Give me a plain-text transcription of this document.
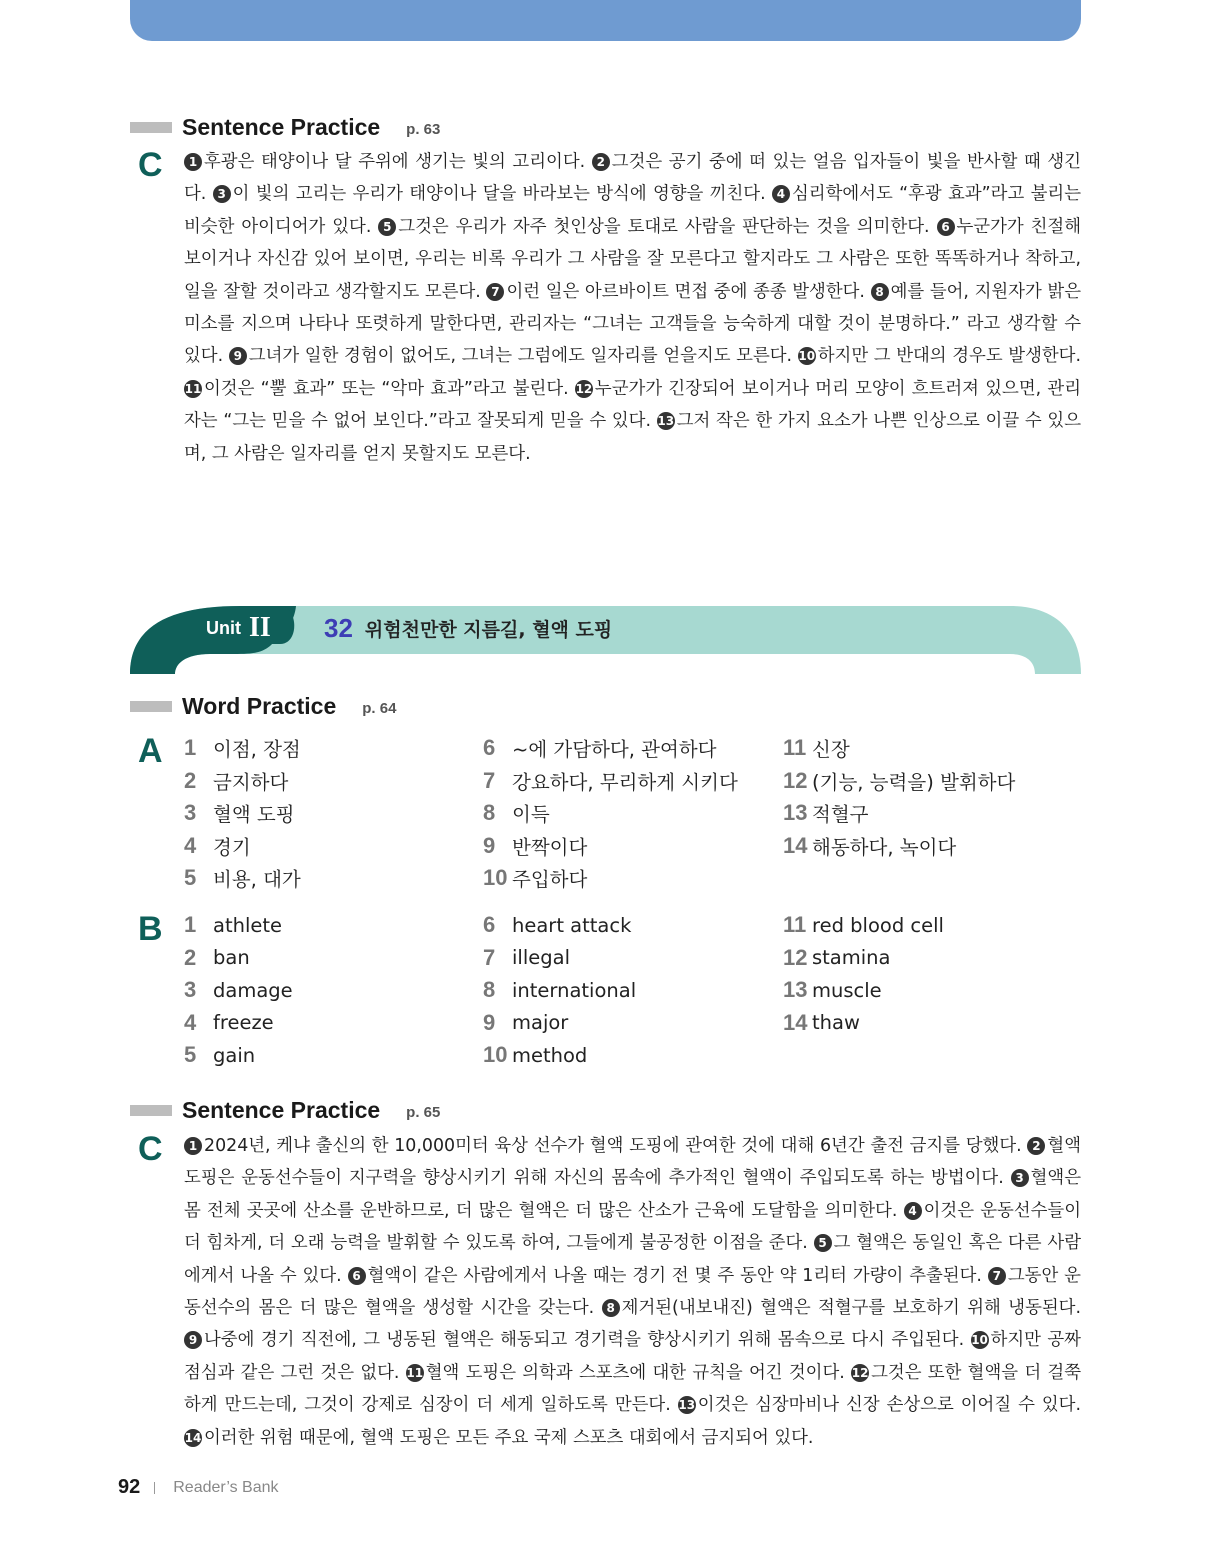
Sentence Practice p. 63
C	1 후광은 태양이나 달 주위에 생기는 빛의 고리이다. 2 그것은 공기 중에 떠 있는 얼음 입자들이 빛을 반사할 때 생긴다. 3 이 빛의 고리는 우리가 태양이나 달을 바라보는 방식에 영향을 끼친다. 4 심리학에서도 “후광 효과”라고 불리는 비슷한 아이디어가 있다. 5 그것은 우리가 자주 첫인상을 토대로 사람을 판단하는 것을 의미한다. 6 누군가가 친절해 보이거나 자신감 있어 보이면, 우리는 비록 우리가 그 사람을 잘 모른다고 할지라도 그 사람은 또한 똑똑하거나 착하고, 일을 잘할 것이라고 생각할지도 모른다. 7 이런 일은 아르바이트 면접 중에 종종 발생한다. 8 예를 들어, 지원자가 밝은 미소를 지으며 나타나 또렷하게 말한다면, 관리자는 “그녀는 고객들을 능숙하게 대할 것이 분명하다.” 라고 생각할 수 있다. 9 그녀가 일한 경험이 없어도, 그녀는 그럼에도 일자리를 얻을지도 모른다. 10 하지만 그 반대의 경우도 발생한다. 11 이것은 “뿔 효과” 또는 “악마 효과”라고 불린다. 12 누군가가 긴장되어 보이거나 머리 모양이 흐트러져 있으면, 관리자는 “그는 믿을 수 없어 보인다.”라고 잘못되게 믿을 수 있다. 13 그저 작은 한 가지 요소가 나쁜 인상으로 이끌 수 있으며, 그 사람은 일자리를 얻지 못할지도 모른다.
Unit II 32 위험천만한 지름길, 혈액 도핑
Word Practice p. 64
A 1 이점, 장점
2 금지하다
3 혈액 도핑
4 경기
5 비용, 대가
6 ~에 가담하다, 관여하다
7 강요하다, 무리하게 시키다
8 이득
9 반짝이다
10 주입하다
11 신장
12 (기능, 능력을) 발휘하다
13 적혈구
14 해동하다, 녹이다
B 1 athlete
2 ban
3 damage
4 freeze
5 gain
6 heart attack
7 illegal
8 international
9 major
10 method
11 red blood cell
12 stamina
13 muscle
14 thaw
Sentence Practice p. 65
C	1 2024년, 케냐 출신의 한 10,000미터 육상 선수가 혈액 도핑에 관여한 것에 대해 6년간 출전 금지를 당했다. 2 혈액 도핑은 운동선수들이 지구력을 향상시키기 위해 자신의 몸속에 추가적인 혈액이 주입되도록 하는 방법이다. 3 혈액은 몸 전체 곳곳에 산소를 운반하므로, 더 많은 혈액은 더 많은 산소가 근육에 도달함을 의미한다. 4 이것은 운동선수들이 더 힘차게, 더 오래 능력을 발휘할 수 있도록 하여, 그들에게 불공정한 이점을 준다. 5 그 혈액은 동일인 혹은 다른 사람에게서 나올 수 있다. 6 혈액이 같은 사람에게서 나올 때는 경기 전 몇 주 동안 약 1리터 가량이 추출된다. 7 그동안 운동선수의 몸은 더 많은 혈액을 생성할 시간을 갖는다. 8 제거된(내보내진) 혈액은 적혈구를 보호하기 위해 냉동된다. 9 나중에 경기 직전에, 그 냉동된 혈액은 해동되고 경기력을 향상시키기 위해 몸속으로 다시 주입된다. 10 하지만 공짜 점심과 같은 그런 것은 없다. 11 혈액 도핑은 의학과 스포츠에 대한 규칙을 어긴 것이다. 12 그것은 또한 혈액을 더 걸쭉하게 만드는데, 그것이 강제로 심장이 더 세게 일하도록 만든다. 13 이것은 심장마비나 신장 손상으로 이어질 수 있다. 14 이러한 위험 때문에, 혈액 도핑은 모든 주요 국제 스포츠 대회에서 금지되어 있다.
92 Reader’s Bank
